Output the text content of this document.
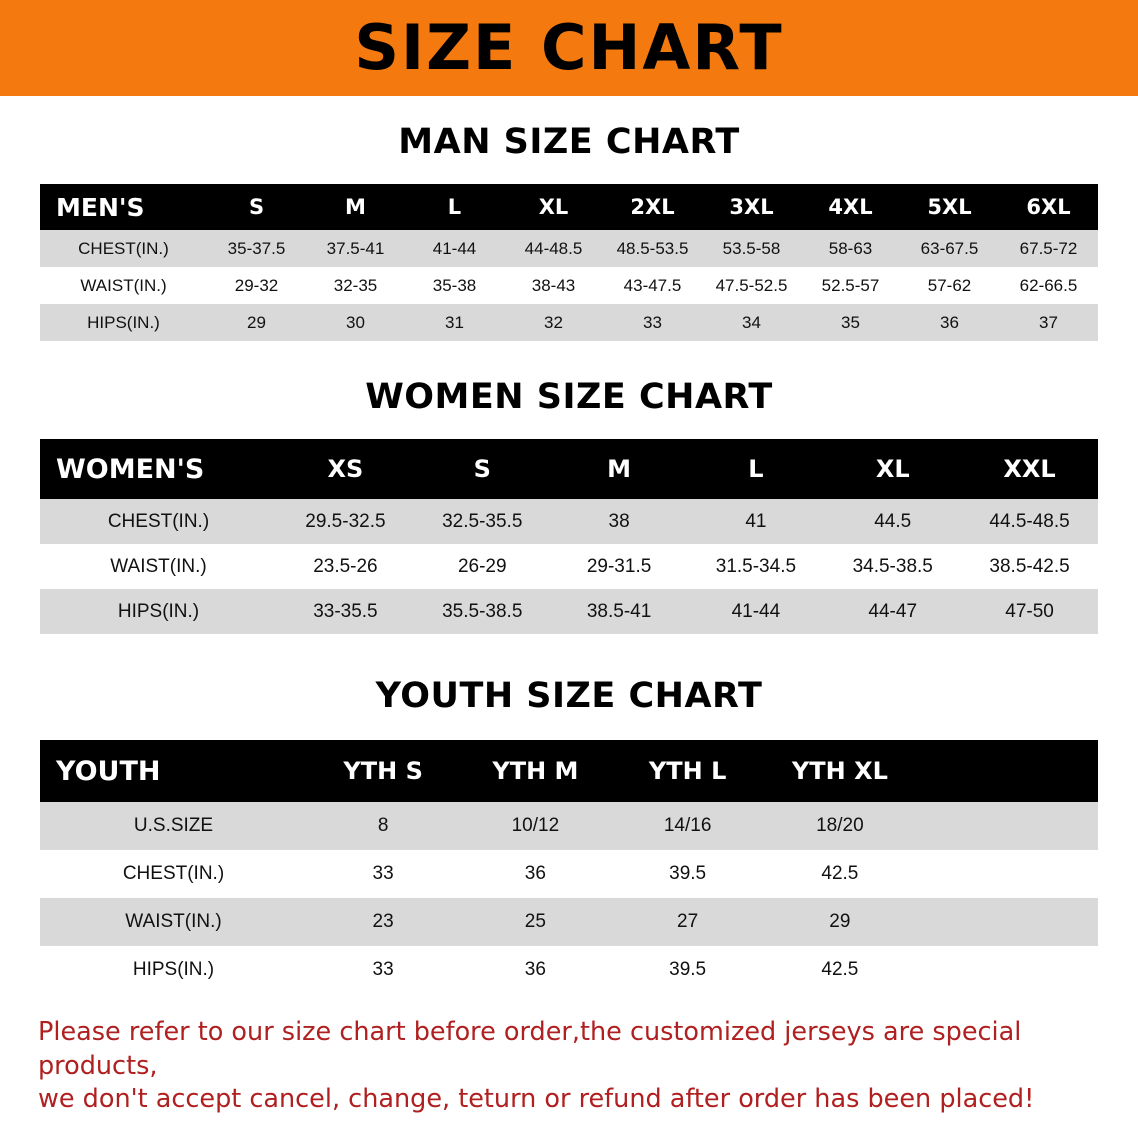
SIZE CHART
MAN SIZE CHART
MEN'S	S	M	L	XL	2XL	3XL	4XL	5XL	6XL
CHEST(IN.)	35-37.5	37.5-41	41-44	44-48.5	48.5-53.5	53.5-58	58-63	63-67.5	67.5-72
WAIST(IN.)	29-32	32-35	35-38	38-43	43-47.5	47.5-52.5	52.5-57	57-62	62-66.5
HIPS(IN.)	29	30	31	32	33	34	35	36	37
WOMEN SIZE CHART
WOMEN'S	XS	S	M	L	XL	XXL
CHEST(IN.)	29.5-32.5	32.5-35.5	38	41	44.5	44.5-48.5
WAIST(IN.)	23.5-26	26-29	29-31.5	31.5-34.5	34.5-38.5	38.5-42.5
HIPS(IN.)	33-35.5	35.5-38.5	38.5-41	41-44	44-47	47-50
YOUTH SIZE CHART
YOUTH	YTH S	YTH M	YTH L	YTH XL	
U.S.SIZE	8	10/12	14/16	18/20	
CHEST(IN.)	33	36	39.5	42.5	
WAIST(IN.)	23	25	27	29	
HIPS(IN.)	33	36	39.5	42.5	

Please refer to our size chart before order,the customized jerseys are special products,

we don't accept cancel, change, teturn or refund after order has been placed!
